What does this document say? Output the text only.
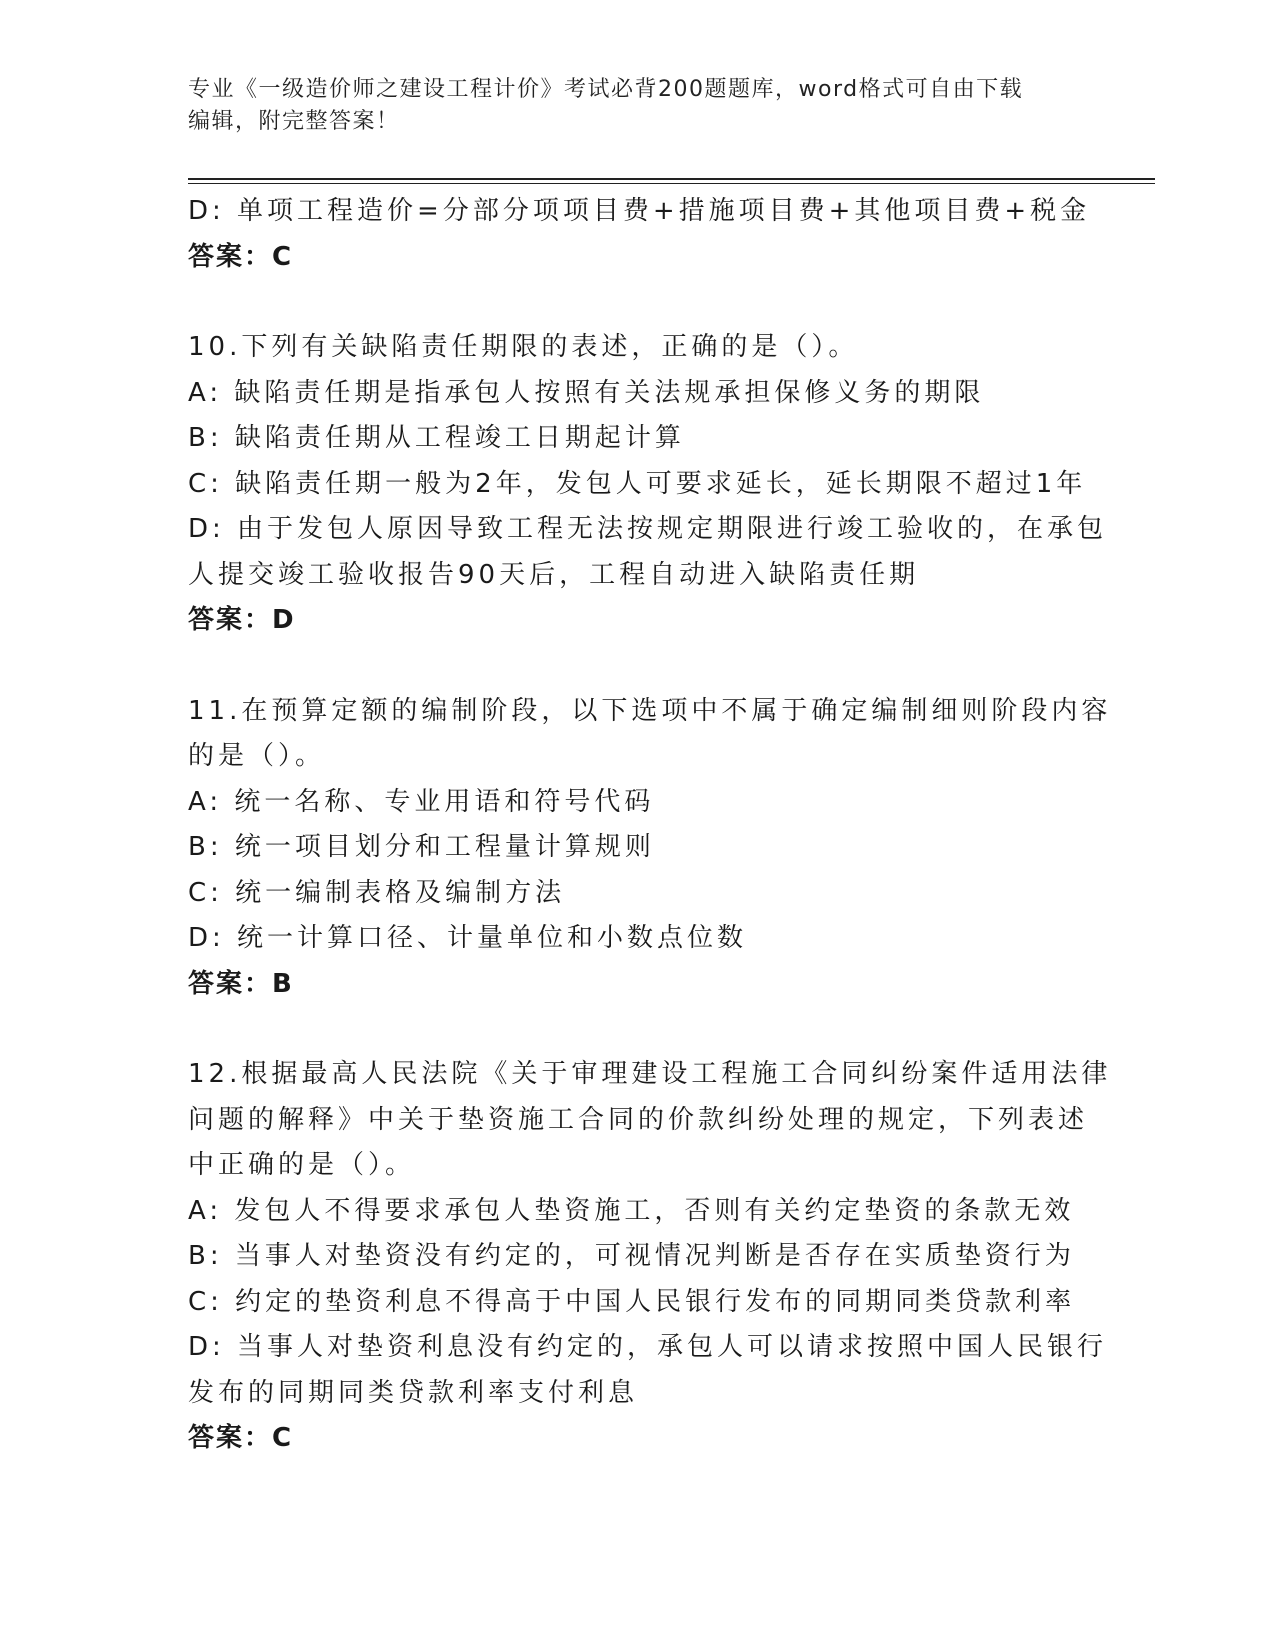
专业《一级造价师之建设工程计价》考试必背200题题库，word格式可自由下载
编辑，附完整答案！
D: 单项工程造价=分部分项项目费+措施项目费+其他项目费+税金
答案：C
10.下列有关缺陷责任期限的表述，正确的是（）。
A: 缺陷责任期是指承包人按照有关法规承担保修义务的期限
B: 缺陷责任期从工程竣工日期起计算
C: 缺陷责任期一般为2年，发包人可要求延长，延长期限不超过1年
D: 由于发包人原因导致工程无法按规定期限进行竣工验收的，在承包
人提交竣工验收报告90天后，工程自动进入缺陷责任期
答案：D
11.在预算定额的编制阶段，以下选项中不属于确定编制细则阶段内容
的是（）。
A: 统一名称、专业用语和符号代码
B: 统一项目划分和工程量计算规则
C: 统一编制表格及编制方法
D: 统一计算口径、计量单位和小数点位数
答案：B
12.根据最高人民法院《关于审理建设工程施工合同纠纷案件适用法律
问题的解释》中关于垫资施工合同的价款纠纷处理的规定，下列表述
中正确的是（）。
A: 发包人不得要求承包人垫资施工，否则有关约定垫资的条款无效
B: 当事人对垫资没有约定的，可视情况判断是否存在实质垫资行为
C: 约定的垫资利息不得高于中国人民银行发布的同期同类贷款利率
D: 当事人对垫资利息没有约定的，承包人可以请求按照中国人民银行
发布的同期同类贷款利率支付利息
答案：C
